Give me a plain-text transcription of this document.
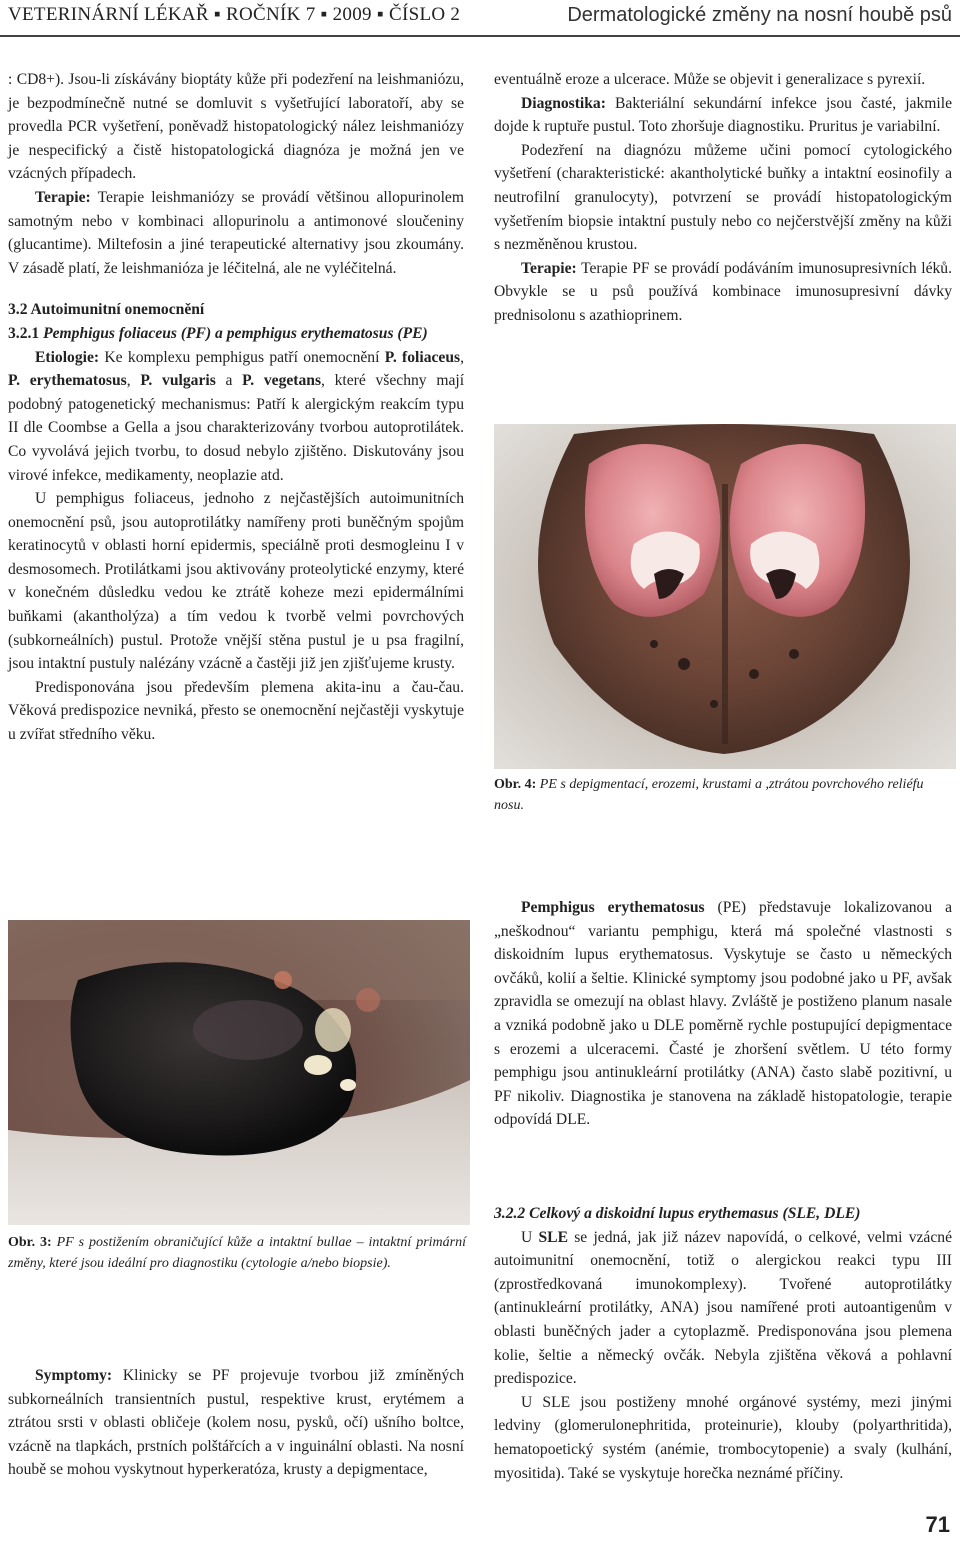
VETERINÁRNÍ LÉKAŘ ▪ ROČNÍK 7 ▪ 2009 ▪ ČÍSLO 2	Dermatologické změny na nosní houbě psů

: CD8+). Jsou-li získávány bioptáty kůže při podezření na leishmaniózu, je bezpodmínečně nutné se domluvit s vyšetřující laboratoří, aby se provedla PCR vyšetření, poněvadž histopatologický nález leishmaniózy je nespecifický a čistě histopatologická diagnóza je možná jen ve vzácných případech.

Terapie: Terapie leishmaniózy se provádí většinou allopurinolem samotným nebo v kombinaci allopurinolu a antimonové sloučeniny (glucantime). Miltefosin a jiné terapeutické alternativy jsou zkoumány. V zásadě platí, že leishmanióza je léčitelná, ale ne vyléčitelná.

3.2 Autoimunitní onemocnění

3.2.1 Pemphigus foliaceus (PF) a pemphigus erythematosus (PE)

Etiologie: Ke komplexu pemphigus patří onemocnění P. foliaceus, P. erythematosus, P. vulgaris a P. vegetans, které všechny mají podobný patogenetický mechanismus: Patří k alergickým reakcím typu II dle Coombse a Gella a jsou charakterizovány tvorbou autoprotilátek. Co vyvolává jejich tvorbu, to dosud nebylo zjištěno. Diskutovány jsou virové infekce, medikamenty, neoplazie atd.

U pemphigus foliaceus, jednoho z nejčastějších autoimunitních onemocnění psů, jsou autoprotilátky namířeny proti buněčným spojům keratinocytů v oblasti horní epidermis, speciálně proti desmogleinu I v desmosomech. Protilátkami jsou aktivovány proteolytické enzymy, které v konečném důsledku vedou ke ztrátě koheze mezi epidermálními buňkami (akantholýza) a tím vedou k tvorbě velmi povrchových (subkorneálních) pustul. Protože vnější stěna pustul je u psa fragilní, jsou intaktní pustuly nalézány vzácně a častěji již jen zjišťujeme krusty.

Predisponována jsou především plemena akita-inu a čau-čau. Věková predispozice nevniká, přesto se onemocnění nejčastěji vyskytuje u zvířat středního věku.

Obr. 3: PF s postižením obraničující kůže a intaktní bullae – intaktní primární změny, které jsou ideální pro diagnostiku (cytologie a/nebo biopsie).

Symptomy: Klinicky se PF projevuje tvorbou již zmíněných subkorneálních transientních pustul, respektive krust, erytémem a ztrátou srsti v oblasti obličeje (kolem nosu, pysků, očí) ušního boltce, vzácně na tlapkách, prstních polštářcích a v inguinální oblasti. Na nosní houbě se mohou vyskytnout hyperkeratóza, krusty a depigmentace,

eventuálně eroze a ulcerace. Může se objevit i generalizace s pyrexií.

Diagnostika: Bakteriální sekundární infekce jsou časté, jakmile dojde k ruptuře pustul. Toto zhoršuje diagnostiku. Pruritus je variabilní.

Podezření na diagnózu můžeme učini pomocí cytologického vyšetření (charakteristické: akantholytické buňky a intaktní eosinofily a neutrofilní granulocyty), potvrzení se provádí histopatologickým vyšetřením biopsie intaktní pustuly nebo co nejčerstvější změny na kůži s nezměněnou krustou.

Terapie: Terapie PF se provádí podáváním imunosupresivních léků. Obvykle se u psů používá kombinace imunosupresivní dávky prednisolonu s azathioprinem.

Obr. 4: PE s depigmentací, erozemi, krustami a ,ztrátou povrchového reliéfu nosu.

Pemphigus erythematosus (PE) představuje lokalizovanou a „neškodnou“ variantu pemphigu, která má společné vlastnosti s diskoidním lupus erythematosus. Vyskytuje se často u německých ovčáků, kolií a šeltie. Klinické symptomy jsou podobné jako u PF, avšak zpravidla se omezují na oblast hlavy. Zvláště je postiženo planum nasale a vzniká podobně jako u DLE poměrně rychle postupující depigmentace s erozemi a ulceracemi. Časté je zhoršení světlem. U této formy pemphigu jsou antinukleární protilátky (ANA) často slabě pozitivní, u PF nikoliv. Diagnostika je stanovena na základě histopatologie, terapie odpovídá DLE.

3.2.2 Celkový a diskoidní lupus erythemasus (SLE, DLE)

U SLE se jedná, jak již název napovídá, o celkové, velmi vzácné autoimunitní onemocnění, totiž o alergickou reakci typu III (zprostředkovaná imunokomplexy). Tvořené autoprotilátky (antinukleární protilátky, ANA) jsou namířené proti autoantigenům v oblasti buněčných jader a cytoplazmě. Predisponována jsou plemena kolie, šeltie a německý ovčák. Nebyla zjištěna věková a pohlavní predispozice.

U SLE jsou postiženy mnohé orgánové systémy, mezi jinými ledviny (glomerulonephritida, proteinurie), klouby (polyarthritida), hematopoetický systém (anémie, trombocytopenie) a svaly (kulhání, myositida). Také se vyskytuje horečka neznámé příčiny.

71
